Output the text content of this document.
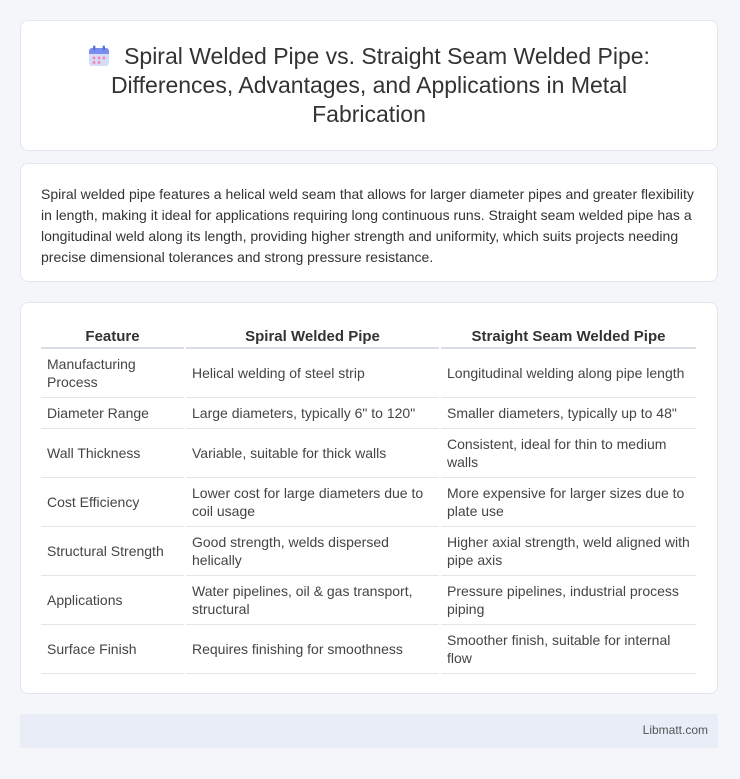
Spiral Welded Pipe vs. Straight Seam Welded Pipe: Differences, Advantages, and Applications in Metal Fabrication

Spiral welded pipe features a helical weld seam that allows for larger diameter pipes and greater flexibility in length, making it ideal for applications requiring long continuous runs. Straight seam welded pipe has a longitudinal weld along its length, providing higher strength and uniformity, which suits projects needing precise dimensional tolerances and strong pressure resistance.

Feature	Spiral Welded Pipe	Straight Seam Welded Pipe
Manufacturing Process	Helical welding of steel strip	Longitudinal welding along pipe length
Diameter Range	Large diameters, typically 6" to 120"	Smaller diameters, typically up to 48"
Wall Thickness	Variable, suitable for thick walls	Consistent, ideal for thin to medium walls
Cost Efficiency	Lower cost for large diameters due to coil usage	More expensive for larger sizes due to plate use
Structural Strength	Good strength, welds dispersed helically	Higher axial strength, weld aligned with pipe axis
Applications	Water pipelines, oil & gas transport, structural	Pressure pipelines, industrial process piping
Surface Finish	Requires finishing for smoothness	Smoother finish, suitable for internal flow
Libmatt.com
